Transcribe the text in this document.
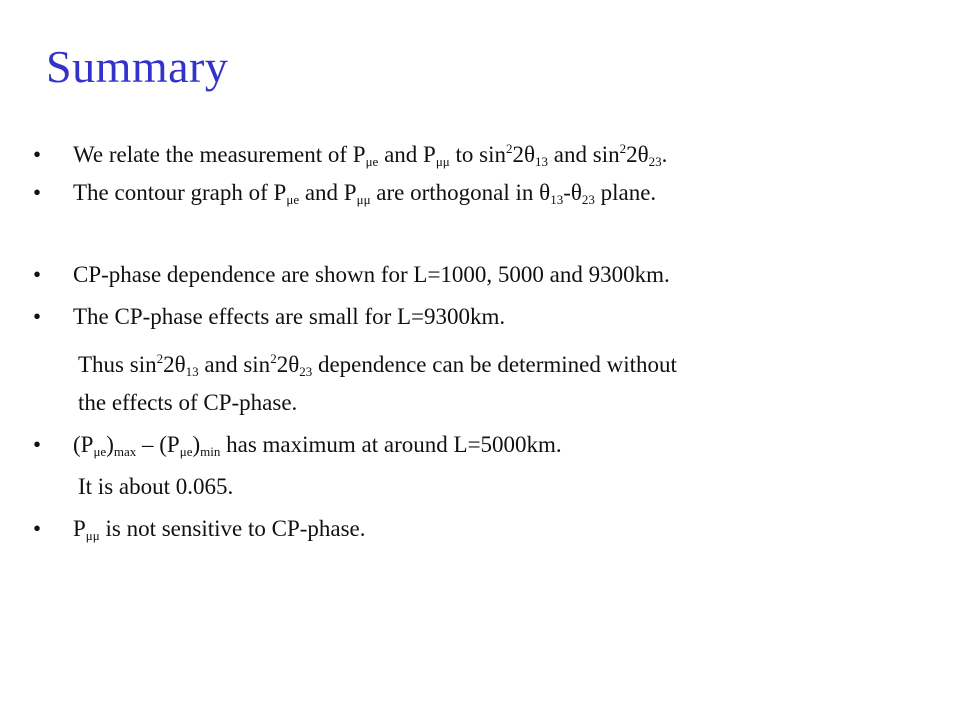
Summary
• We relate the measurement of $P_{\mu e}$ and $P_{\mu\mu}$ to $\sin^22\theta_{13}$ and $\sin^22\theta_{23}$.
• The contour graph of $P_{\mu e}$ and $P_{\mu\mu}$ are orthogonal in $\theta_{13}-\theta_{23}$ plane.
• CP-phase dependence are shown for L=1000, 5000 and 9300km.
• The CP-phase effects are small for L=9300km.
Thus $\sin^22\theta_{13}$ and $\sin^22\theta_{23}$ dependence can be determined without
the effects of CP-phase.
• $(P_{\mu e})_{max} - (P_{\mu e})_{min}$ has maximum at around L=5000km.
It is about 0.065.
• $P_{\mu\mu}$ is not sensitive to CP-phase.
